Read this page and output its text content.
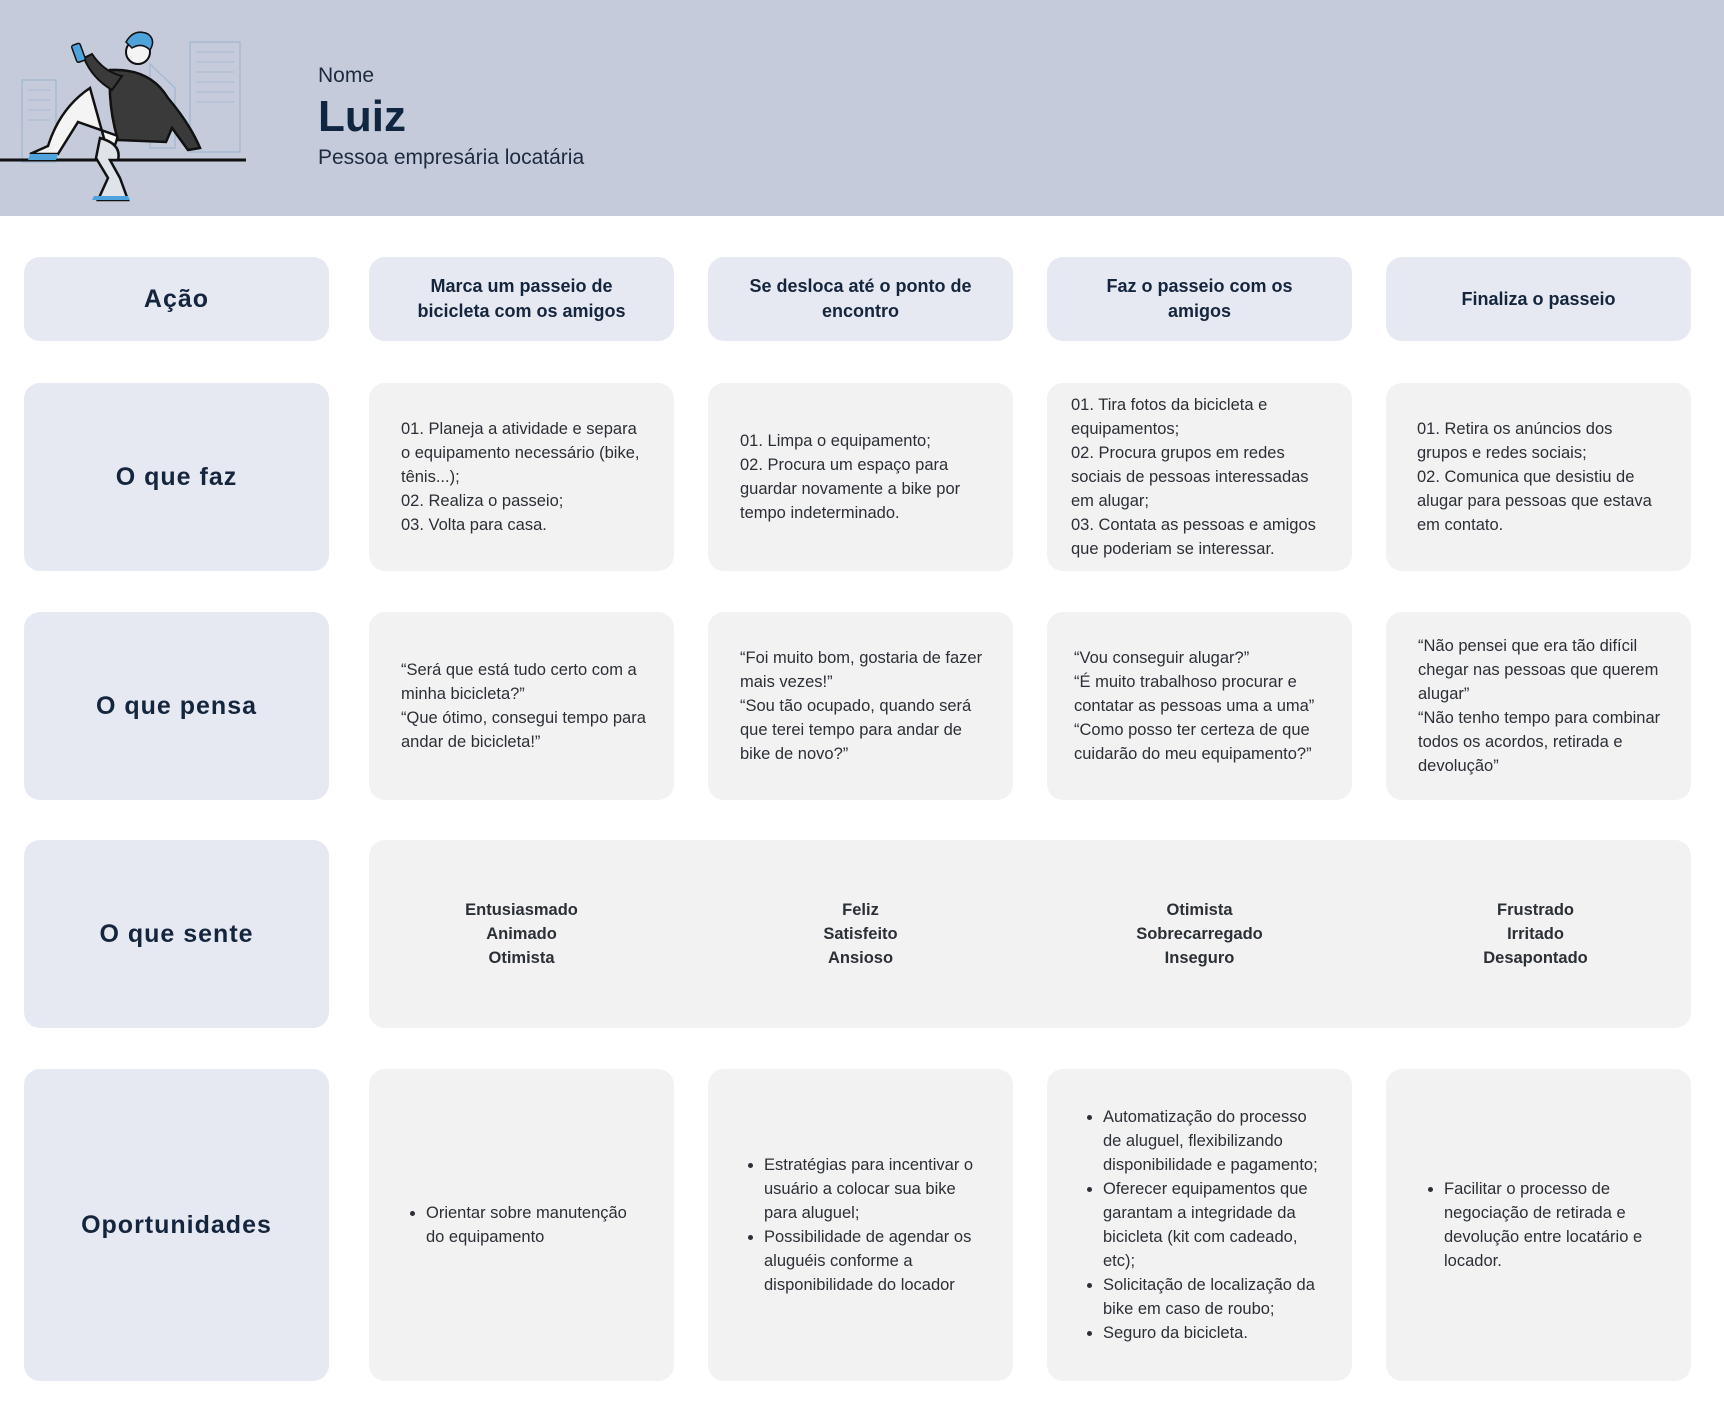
Nome
Luiz
Pessoa empresária locatária
Ação	Marca um passeio de bicicleta com os amigos
Se desloca até o ponto de encontro
Faz o passeio com os amigos
Finaliza o passeio
O que faz
01. Planeja a atividade e separa o equipamento necessário (bike, tênis...);
02. Realiza o passeio;
03. Volta para casa.
01. Limpa o equipamento;
02. Procura um espaço para guardar novamente a bike por tempo indeterminado.
01. Tira fotos da bicicleta e equipamentos;
02. Procura grupos em redes sociais de pessoas interessadas em alugar;
03. Contata as pessoas e amigos que poderiam se interessar.
01. Retira os anúncios dos grupos e redes sociais;
02. Comunica que desistiu de alugar para pessoas que estava em contato.
O que pensa
“Será que está tudo certo com a minha bicicleta?”
“Que ótimo, consegui tempo para andar de bicicleta!”
“Foi muito bom, gostaria de fazer mais vezes!”
“Sou tão ocupado, quando será que terei tempo para andar de bike de novo?”
“Vou conseguir alugar?”
“É muito trabalhoso procurar e contatar as pessoas uma a uma”
“Como posso ter certeza de que cuidarão do meu equipamento?”
“Não pensei que era tão difícil chegar nas pessoas que querem alugar”
“Não tenho tempo para combinar todos os acordos, retirada e devolução”
O que sente
Entusiasmado
Animado
Otimista
Feliz
Satisfeito
Ansioso
Otimista
Sobrecarregado
Inseguro
Frustrado
Irritado
Desapontado
Oportunidades
•	Orientar sobre manutenção do equipamento
• Estratégias para incentivar o usuário a colocar sua bike para aluguel;
• Possibilidade de agendar os aluguéis conforme a disponibilidade do locador
• Automatização do processo de aluguel, flexibilizando disponibilidade e pagamento;
• Oferecer equipamentos que garantam a integridade da bicicleta (kit com cadeado, etc);
• Solicitação de localização da bike em caso de roubo;
• Seguro da bicicleta.
• Facilitar o processo de negociação de retirada e devolução entre locatário e locador.
